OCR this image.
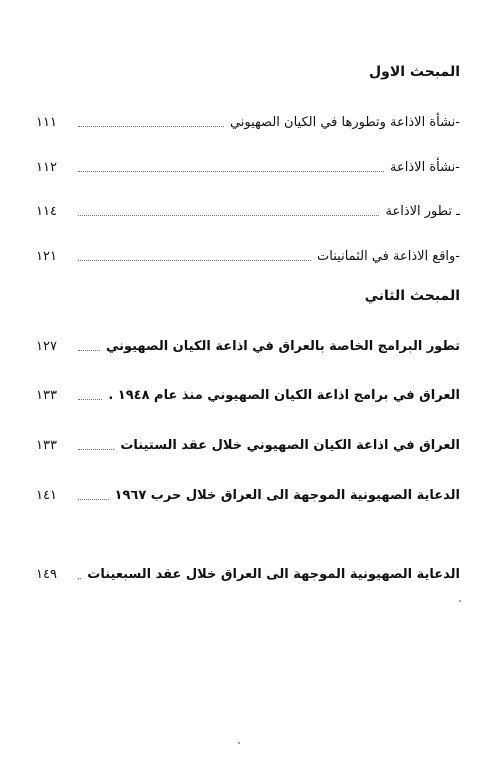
المبحث الاول
-نشأة الاذاعة وتطورها في الكيان الصهيوني
١١١
-نشأة الاذاعة
١١٢
ـ تطور الاذاعة
١١٤
-واقع الاذاعة في الثمانينات
١٢١
المبحث الثاني
تطور البرامج الخاصة بالعراق في اذاعة الكيان الصهيوني
١٢٧
العراق في برامج اذاعة الكيان الصهيوني منذ عام ١٩٤٨ .
١٣٣
العراق في اذاعة الكيان الصهيوني خلال عقد الستينات
١٣٣
الدعاية الصهيونية الموجهة الى العراق خلال حرب ١٩٦٧
١٤١
الدعاية الصهيونية الموجهة الى العراق خلال عقد السبعينات
١٤٩
